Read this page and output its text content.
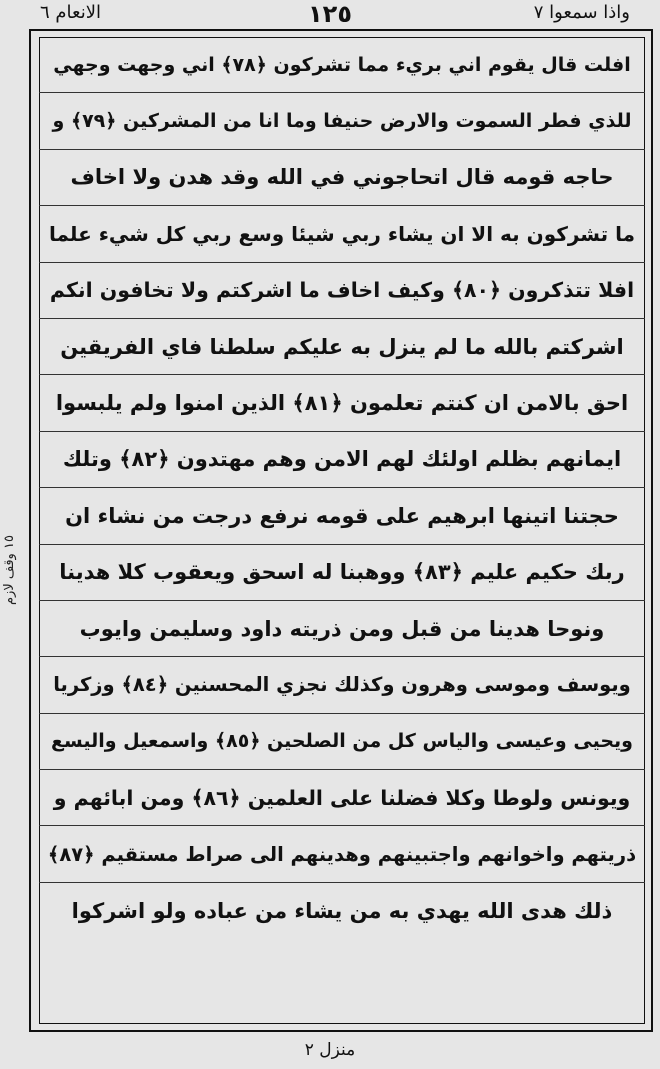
واذا سمعوا ٧
١٢٥
الانعام ٦
افلت قال يقوم اني بريء مما تشركون ﴿٧٨﴾ اني وجهت وجهي
للذي فطر السموت والارض حنيفا وما انا من المشركين ﴿٧٩﴾ و
حاجه قومه قال اتحاجوني في الله وقد هدن ولا اخاف
ما تشركون به الا ان يشاء ربي شيئا وسع ربي كل شيء علما
افلا تتذكرون ﴿٨٠﴾ وكيف اخاف ما اشركتم ولا تخافون انكم
اشركتم بالله ما لم ينزل به عليكم سلطنا فاي الفريقين
احق بالامن ان كنتم تعلمون ﴿٨١﴾ الذين امنوا ولم يلبسوا
ايمانهم بظلم اولئك لهم الامن وهم مهتدون ﴿٨٢﴾ وتلك
حجتنا اتينها ابرهيم على قومه نرفع درجت من نشاء ان
ربك حكيم عليم ﴿٨٣﴾ ووهبنا له اسحق ويعقوب كلا هدينا
ونوحا هدينا من قبل ومن ذريته داود وسليمن وايوب
ويوسف وموسى وهرون وكذلك نجزي المحسنين ﴿٨٤﴾ وزكريا
ويحيى وعيسى والياس كل من الصلحين ﴿٨٥﴾ واسمعيل واليسع
ويونس ولوطا وكلا فضلنا على العلمين ﴿٨٦﴾ ومن ابائهم و
ذريتهم واخوانهم واجتبينهم وهدينهم الى صراط مستقيم ﴿٨٧﴾
ذلك هدى الله يهدي به من يشاء من عباده ولو اشركوا
١٥ وقف لازم
منزل ٢
